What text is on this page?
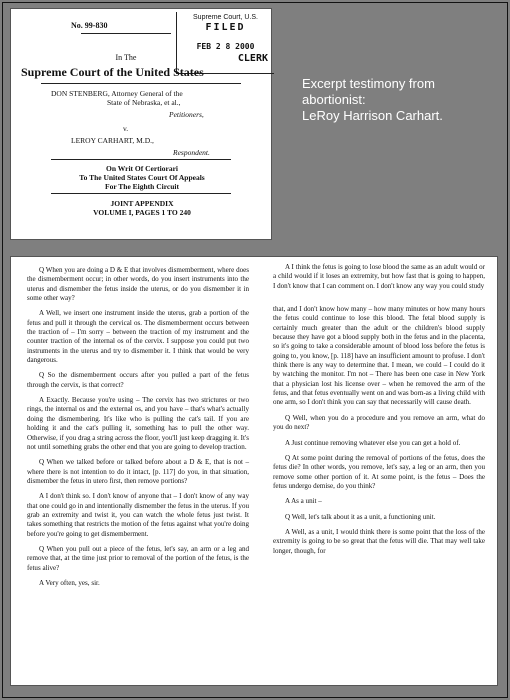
No. 99-830
Supreme Court, U.S.
FILED
FEB 2 8 2000
CLERK
In The
Supreme Court of the United States
DON STENBERG, Attorney General of the
State of Nebraska, et al.,
Petitioners,
v.
LEROY CARHART, M.D.,
Respondent.
On Writ Of Certiorari
To The United States Court Of Appeals
For The Eighth Circuit
JOINT APPENDIX
VOLUME I, PAGES 1 TO 240
Excerpt testimony from
abortionist:
LeRoy Harrison Carhart.

Q When you are doing a D & E that involves dismemberment, where does the dismemberment occur; in other words, do you insert instruments into the uterus and dismember the fetus inside the uterus, or do you dismember it in some other way?

A Well, we insert one instrument inside the uterus, grab a portion of the fetus and pull it through the cervical os. The dismemberment occurs between the traction of – I'm sorry – between the traction of my instrument and the counter traction of the internal os of the cervix. I suppose you could put two instruments in the uterus and try to dismember it. I think that would be very dangerous.

Q So the dismemberment occurs after you pulled a part of the fetus through the cervix, is that correct?

A Exactly. Because you're using – The cervix has two strictures or two rings, the internal os and the external os, and you have – that's what's actually doing the dismembering. It's like who is pulling the cat's tail. If you are holding it and the cat's pulling it, something has to pull the other way. Otherwise, if you drag a string across the floor, you'll just keep dragging it. It's not until something grabs the other end that you are going to develop traction.

Q When we talked before or talked before about a D & E, that is not – where there is not intention to do it intact, [p. 117] do you, in that situation, dismember the fetus in utero first, then remove portions?

A I don't think so. I don't know of anyone that – I don't know of any way that one could go in and intentionally dismember the fetus in the uterus. If you grab an extremity and twist it, you can watch the whole fetus just twist. It takes something that restricts the motion of the fetus against what you're doing before you're going to get dismemberment.

Q When you pull out a piece of the fetus, let's say, an arm or a leg and remove that, at the time just prior to removal of the portion of the fetus, is the fetus alive?

A Very often, yes, sir.

A I think the fetus is going to lose blood the same as an adult would or a child would if it loses an extremity, but how fast that is going to happen, I don't know that I can comment on. I don't know any way you could study

that, and I don't know how many – how many minutes or how many hours the fetus could continue to lose this blood. The fetal blood supply is certainly much greater than the adult or the children's blood supply because they have got a blood supply both in the fetus and in the placenta, so it's going to take a considerable amount of blood loss before the fetus is going to, you know, [p. 118] have an insufficient amount to profuse. I don't think there is any way to determine that. I mean, we could – I could do it by watching the monitor. I'm not – There has been one case in New York that a physician lost his license over – when he removed the arm of the fetus, and that fetus eventually went on and was born-as a living child with one arm, so I don't think you can say that necessarily will cause death.

Q Well, when you do a procedure and you remove an arm, what do you do next?

A Just continue removing whatever else you can get a hold of.

Q At some point during the removal of portions of the fetus, does the fetus die? In other words, you remove, let's say, a leg or an arm, then you remove some other portion of it. At some point, is the fetus – Does the fetus undergo demise, do you think?

A As a unit –

Q Well, let's talk about it as a unit, a functioning unit.

A Well, as a unit, I would think there is some point that the loss of the extremity is going to be so great that the fetus will die. That may well take longer, though, for
